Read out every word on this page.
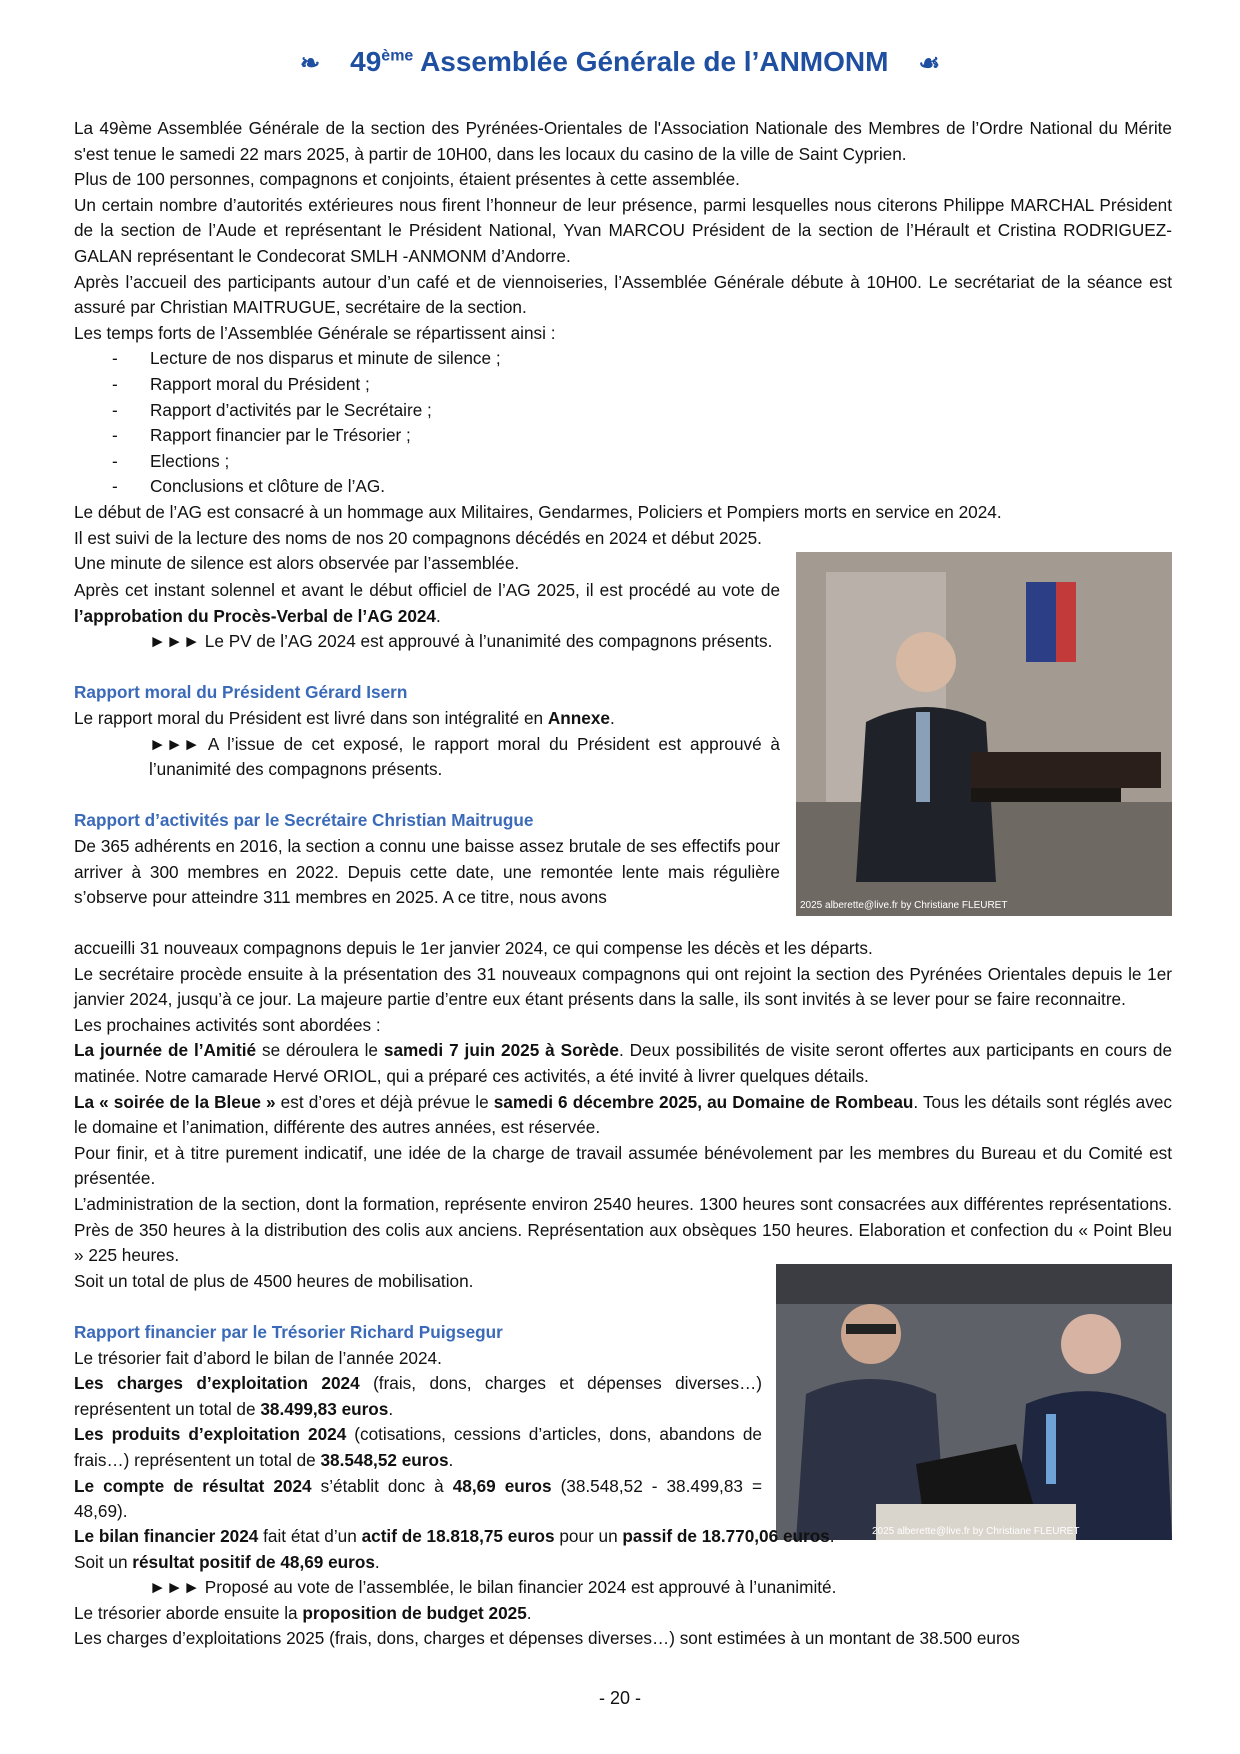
❧ 49ème Assemblée Générale de l’ANMONM ☙

La 49ème Assemblée Générale de la section des Pyrénées-Orientales de l'Association Nationale des Membres de l’Ordre National du Mérite s'est tenue le samedi 22 mars 2025, à partir de 10H00, dans les locaux du casino de la ville de Saint Cyprien.

Plus de 100 personnes, compagnons et conjoints, étaient présentes à cette assemblée.

Un certain nombre d’autorités extérieures nous firent l’honneur de leur présence, parmi lesquelles nous citerons Philippe MARCHAL Président de la section de l’Aude et représentant le Président National, Yvan MARCOU Président de la section de l’Hérault et Cristina RODRIGUEZ-GALAN représentant le Condecorat SMLH -ANMONM d’Andorre.

Après l’accueil des participants autour d’un café et de viennoiseries, l’Assemblée Générale débute à 10H00. Le secrétariat de la séance est assuré par Christian MAITRUGUE, secrétaire de la section.

Les temps forts de l’Assemblée Générale se répartissent ainsi :

-	Lecture de nos disparus et minute de silence ;
-	Rapport moral du Président ;
-	Rapport d’activités par le Secrétaire ;
-	Rapport financier par le Trésorier ;
-	Elections ;
-	Conclusions et clôture de l’AG.

Le début de l’AG est consacré à un hommage aux Militaires, Gendarmes, Policiers et Pompiers morts en service en 2024.

Il est suivi de la lecture des noms de nos 20 compagnons décédés en 2024 et début 2025.

Une minute de silence est alors observée par l’assemblée.

Après cet instant solennel et avant le début officiel de l’AG 2025, il est procédé au vote de l’approbation du Procès-Verbal de l’AG 2024.

►►► Le PV de l’AG 2024 est approuvé à l’unanimité des compagnons présents.

Rapport moral du Président Gérard Isern

Le rapport moral du Président est livré dans son intégralité en Annexe.

►►► A l’issue de cet exposé, le rapport moral du Président est approuvé à l’unanimité des compagnons présents.

Rapport d’activités par le Secrétaire Christian Maitrugue

De 365 adhérents en 2016, la section a connu une baisse assez brutale de ses effectifs pour arriver à 300 membres en 2022. Depuis cette date, une remontée lente mais régulière s’observe pour atteindre 311 membres en 2025. A ce titre, nous avons	2025 alberette@live.fr by Christiane FLEURET

accueilli 31 nouveaux compagnons depuis le 1er janvier 2024, ce qui compense les décès et les départs.

Le secrétaire procède ensuite à la présentation des 31 nouveaux compagnons qui ont rejoint la section des Pyrénées Orientales depuis le 1er janvier 2024, jusqu’à ce jour. La majeure partie d’entre eux étant présents dans la salle, ils sont invités à se lever pour se faire reconnaitre.

Les prochaines activités sont abordées :

La journée de l’Amitié se déroulera le samedi 7 juin 2025 à Sorède. Deux possibilités de visite seront offertes aux participants en cours de matinée. Notre camarade Hervé ORIOL, qui a préparé ces activités, a été invité à livrer quelques détails.

La « soirée de la Bleue » est d’ores et déjà prévue le samedi 6 décembre 2025, au Domaine de Rombeau. Tous les détails sont réglés avec le domaine et l’animation, différente des autres années, est réservée.

Pour finir, et à titre purement indicatif, une idée de la charge de travail assumée bénévolement par les membres du Bureau et du Comité est présentée.

L’administration de la section, dont la formation, représente environ 2540 heures. 1300 heures sont consacrées aux différentes représentations. Près de 350 heures à la distribution des colis aux anciens. Représentation aux obsèques 150 heures. Elaboration et confection du « Point Bleu » 225 heures.

Soit un total de plus de 4500 heures de mobilisation.

Rapport financier par le Trésorier Richard Puigsegur

Le trésorier fait d’abord le bilan de l’année 2024.

Les charges d’exploitation 2024 (frais, dons, charges et dépenses diverses…) représentent un total de 38.499,83 euros.

Les produits d’exploitation 2024 (cotisations, cessions d’articles, dons, abandons de frais…) représentent un total de 38.548,52 euros.

Le compte de résultat 2024 s’établit donc à 48,69 euros (38.548,52 - 38.499,83 = 48,69).

2025 alberette@live.fr by Christiane FLEURET

Le bilan financier 2024 fait état d’un actif de 18.818,75 euros pour un passif de 18.770,06 euros.

Soit un résultat positif de 48,69 euros.

►►► Proposé au vote de l’assemblée, le bilan financier 2024 est approuvé à l’unanimité.

Le trésorier aborde ensuite la proposition de budget 2025.

Les charges d’exploitations 2025 (frais, dons, charges et dépenses diverses…) sont estimées à un montant de 38.500 euros

- 20 -
